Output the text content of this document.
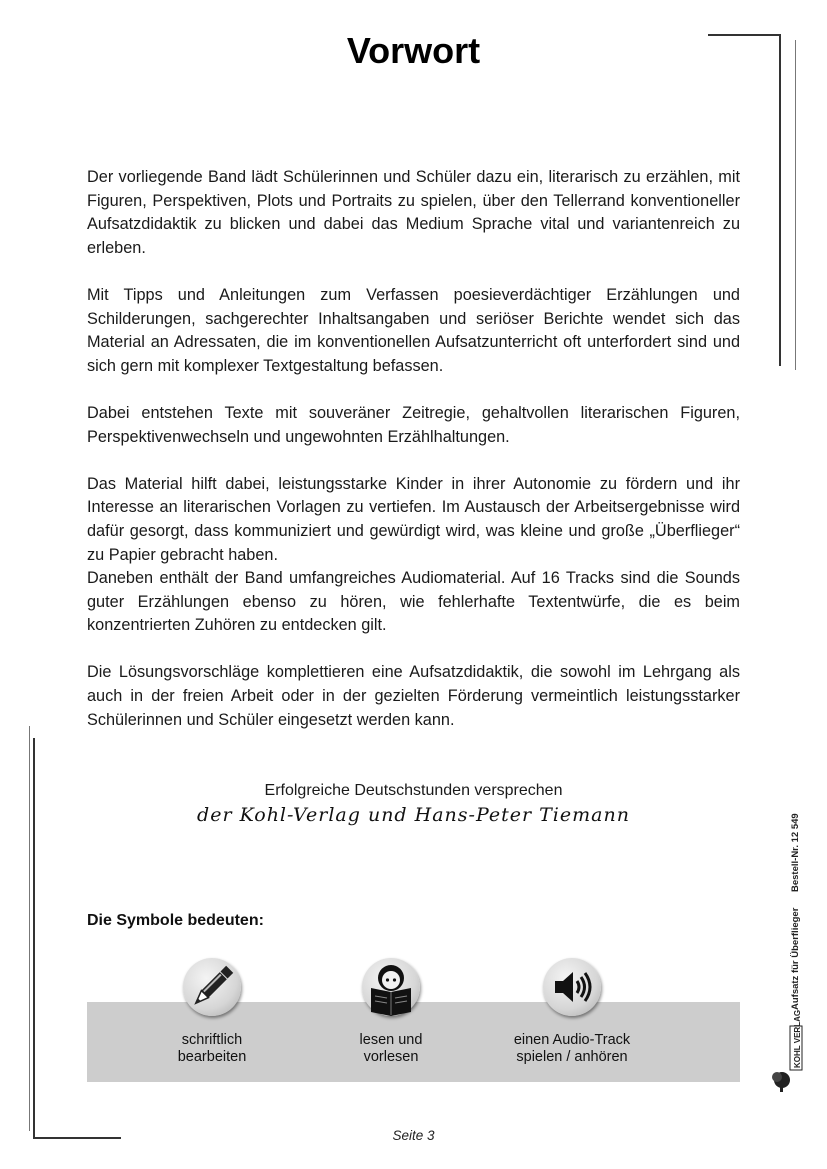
Vorwort

Der vorliegende Band lädt Schülerinnen und Schüler dazu ein, literarisch zu erzählen, mit Figuren, Perspektiven, Plots und Portraits zu spielen, über den Tellerrand konventioneller Aufsatzdidaktik zu blicken und dabei das Medium Sprache vital und variantenreich zu erleben.

Mit Tipps und Anleitungen zum Verfassen poesieverdächtiger Erzählungen und Schilderungen, sachgerechter Inhaltsangaben und seriöser Berichte wendet sich das Material an Adressaten, die im konventionellen Aufsatzunterricht oft unterfordert sind und sich gern mit komplexer Textgestaltung befassen.

Dabei entstehen Texte mit souveräner Zeitregie, gehaltvollen literarischen Figuren, Perspektivenwechseln und ungewohnten Erzählhaltungen.

Das Material hilft dabei, leistungsstarke Kinder in ihrer Autonomie zu fördern und ihr Interesse an literarischen Vorlagen zu vertiefen. Im Austausch der Arbeitsergebnisse wird dafür gesorgt, dass kommuniziert und gewürdigt wird, was kleine und große „Überflieger“ zu Papier gebracht haben.

Daneben enthält der Band umfangreiches Audiomaterial. Auf 16 Tracks sind die Sounds guter Erzählungen ebenso zu hören, wie fehlerhafte Textentwürfe, die es beim konzentrierten Zuhören zu entdecken gilt.

Die Lösungsvorschläge komplettieren eine Aufsatzdidaktik, die sowohl im Lehrgang als auch in der freien Arbeit oder in der gezielten Förderung vermeintlich leistungsstarker Schülerinnen und Schüler eingesetzt werden kann.

Erfolgreiche Deutschstunden versprechen
der Kohl-Verlag und Hans-Peter Tiemann
Die Symbole bedeuten:
schriftlich
bearbeiten
lesen und
vorlesen
einen Audio-Track
spielen / anhören
Bestell-Nr. 12 549
Aufsatz für Überflieger
KOHL VERLAG
Seite 3
